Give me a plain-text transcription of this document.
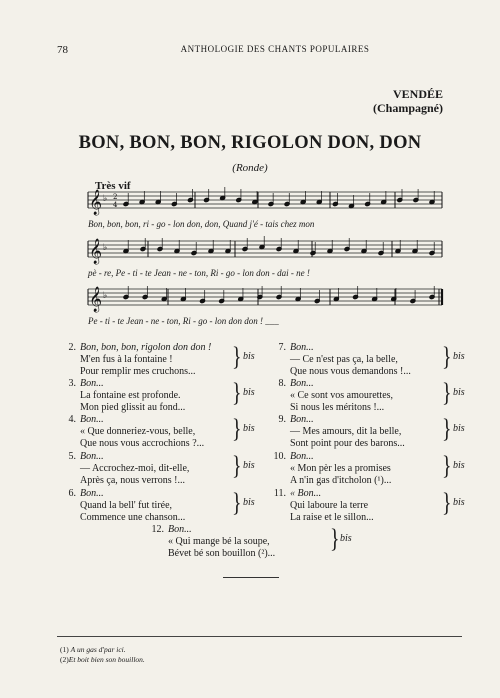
78	ANTHOLOGIE DES CHANTS POPULAIRES
VENDÉE
(Champagné)
BON, BON, BON, RIGOLON DON, DON
(Ronde)
Très vif
𝄞 ♭ 2
4
𝄞 ♭
𝄞 ♭
Bon, bon, bon, ri - go - lon don, don, Quand j'é - tais chez mon
pè - re, Pe - ti - te Jean - ne - ton, Ri - go - lon don - dai - ne !
Pe - ti - te Jean - ne - ton, Ri - go - lon don don ! ___
2. Bon, bon, bon, rigolon don don !
M'en fus à la fontaine !
Pour remplir mes cruchons...
} bis
3. Bon...
La fontaine est profonde.
Mon pied glissit au fond...
} bis
4. Bon...
« Que donneriez-vous, belle,
Que nous vous accrochions ?...
} bis
5. Bon...
— Accrochez-moi, dit-elle,
Après ça, nous verrons !...
} bis
6. Bon...
Quand la bell' fut tirée,
Commence une chanson...
} bis
7. Bon...
— Ce n'est pas ça, la belle,
Que nous vous demandons !...
} bis
8. Bon...
« Ce sont vos amourettes,
Si nous les méritons !...
} bis
9. Bon...
— Mes amours, dit la belle,
Sont point pour des barons...
} bis
10. Bon...
« Mon pèr les a promises
A n'in gas d'itcholon (¹)...
} bis
11. « Bon...
Qui laboure la terre
La raise et le sillon...
} bis
12. Bon...
« Qui mange bé la soupe,
Bévet bé son bouillon (²)...
} bis
(1) A un gas d'par ici.
(2)Et boit bien son bouillon.
